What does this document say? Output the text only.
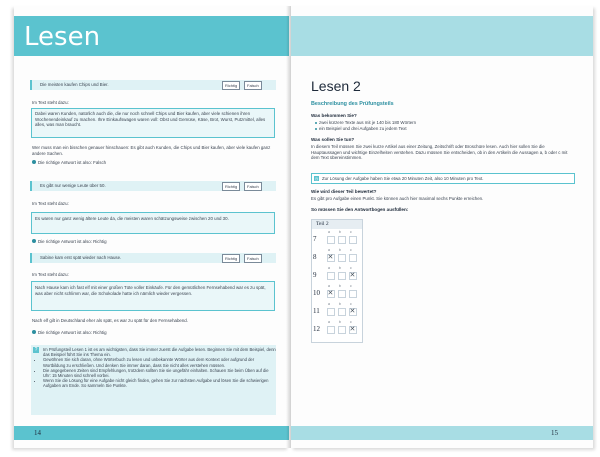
Lesen
Die meisten kaufen Chips und Bier.	Richtig	Falsch
Im Text steht dazu:
Dabei waren Kunden, natürlich auch die, die nur noch schnell Chips und Bier kaufen, aber viele schienen ihren Wochenendeinkauf zu machen. Ihre Einkaufswagen waren voll: Obst und Gemüse, Käse, Brot, Wurst, Putzmittel, alles alles, was man braucht.
Wer muss man ein bisschen genauer hinschauen: Es gibt auch Kunden, die Chips und Bier kaufen, aber viele kaufen ganz andere Sachen.
Die richtige Antwort ist also: Falsch
Es gibt nur wenige Leute über 50.	Richtig	Falsch
Im Text steht dazu:
Es waren nur ganz wenig ältere Leute da, die meisten waren schätzungsweise zwischen 20 und 30.
Die richtige Antwort ist also: Richtig
Sabine kam erst spät wieder nach Hause.	Richtig	Falsch
Im Text steht dazu:
Nach Hause kam ich fast elf mit einer großen Tüte voller Einkäufe. Für den gemütlichen Fernsehabend war es zu spät, was aber nicht schlimm war, die Schokolade hatte ich nämlich wieder vergessen.
Nach elf gilt in Deutschland eher als spät, es war zu spät für den Fernsehabend.
Die richtige Antwort ist also: Richtig
?
•	Im Prüfungsteil Lesen 1 ist es am wichtigsten, dass Sie immer zuerst die Aufgabe lesen. Beginnen Sie mit dem Beispiel, denn das Beispiel führt Sie ins Thema ein.
• Gewöhnen Sie sich daran, ohne Wörterbuch zu lesen und unbekannte Wörter aus dem Kontext oder aufgrund der Wortbildung zu erschließen. Und denken Sie immer daran, dass Sie nicht alles verstehen müssen.
• Die angegebenen Zeiten sind Empfehlungen, trotzdem sollten Sie sie ungefähr einhalten. Schauen Sie beim Üben auf die Uhr: 15 Minuten sind schnell vorbei.
• Wenn Sie die Lösung für eine Aufgabe nicht gleich finden, gehen Sie zur nächsten Aufgabe und lösen Sie die schwierigen Aufgaben am Ende. So sammeln Sie Punkte.
14
Lesen 2
Beschreibung des Prüfungsteils
Was bekommen Sie?
zwei kürzere Texte aus mit je 140 bis 180 Wörtern
ein Beispiel und drei Aufgaben zu jedem Text
Was sollen Sie tun?
In diesem Teil müssen Sie zwei kurze Artikel aus einer Zeitung, Zeitschrift oder Broschüre lesen. Auch hier sollen Sie die Hauptaussagen und wichtige Einzelheiten verstehen. Dazu müssen Sie entscheiden, ob in den Artikeln die Aussagen a, b oder c mit dem Text übereinstimmen.
◷ Zur Lösung der Aufgabe haben Sie etwa 20 Minuten Zeit, also 10 Minuten pro Text.
Wie wird dieser Teil bewertet?
Es gibt pro Aufgabe einen Punkt. Sie können auch hier maximal sechs Punkte erreichen.
So müssen Sie den Antwortbogen ausfüllen:
Teil 2
7
a	b	c
8
a
✕	b	c
9
a	b	c
✕
10
a
✕	b	c
11
a	b	c
✕
12
a	b	c
✕
15
